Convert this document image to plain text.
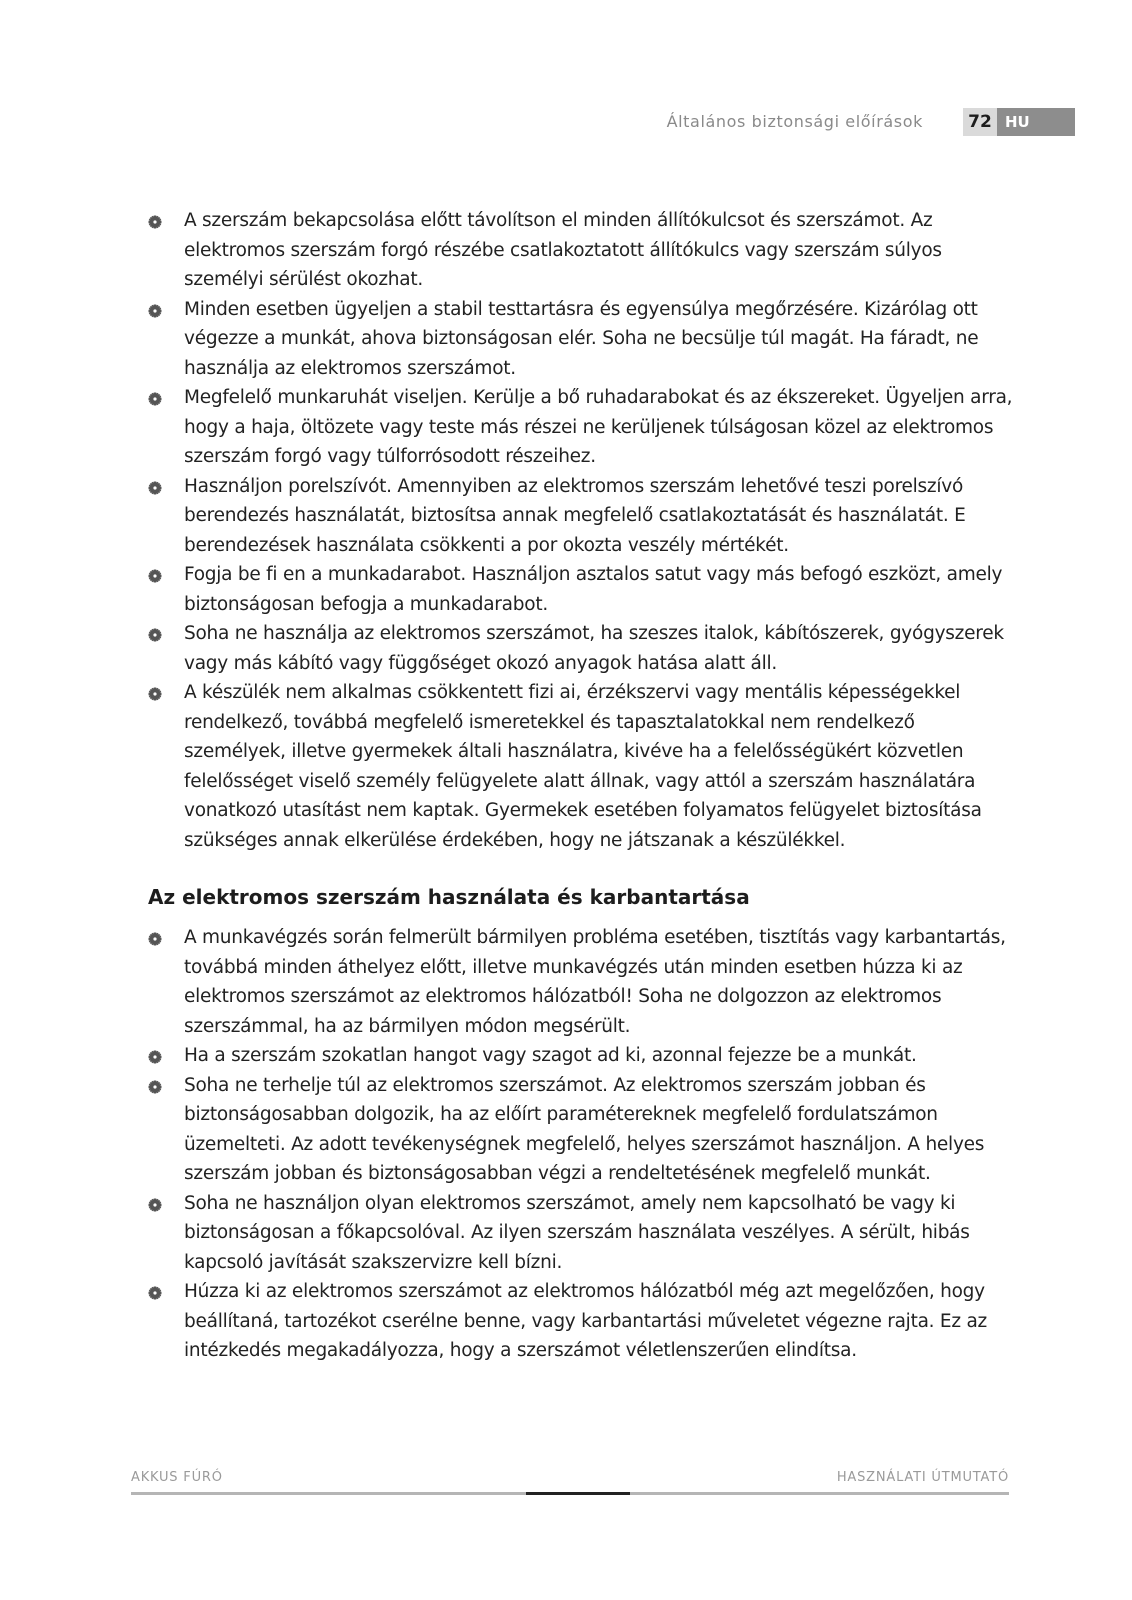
Általános biztonsági előírások	72 HU
A szerszám bekapcsolása előtt távolítson el minden állítókulcsot és szerszámot. Az elektromos szerszám forgó részébe csatlakoztatott állítókulcs vagy szerszám súlyos személyi sérülést okozhat.
Minden esetben ügyeljen a stabil testtartásra és egyensúlya megőrzésére. Kizárólag ott végezze a munkát, ahova biztonságosan elér. Soha ne becsülje túl magát. Ha fáradt, ne használja az elektromos szerszámot.
Megfelelő munkaruhát viseljen. Kerülje a bő ruhadarabokat és az ékszereket. Ügyeljen arra, hogy a haja, öltözete vagy teste más részei ne kerüljenek túlságosan közel az elektromos szerszám forgó vagy túlforrósodott részeihez.
Használjon porelszívót. Amennyiben az elektromos szerszám lehetővé teszi porelszívó berendezés használatát, biztosítsa annak megfelelő csatlakoztatását és használatát. E berendezések használata csökkenti a por okozta veszély mértékét.
Fogja be fi en a munkadarabot. Használjon asztalos satut vagy más befogó eszközt, amely biztonságosan befogja a munkadarabot.
Soha ne használja az elektromos szerszámot, ha szeszes italok, kábítószerek, gyógyszerek vagy más kábító vagy függőséget okozó anyagok hatása alatt áll.
A készülék nem alkalmas csökkentett fizi ai, érzékszervi vagy mentális képességekkel rendelkező, továbbá megfelelő ismeretekkel és tapasztalatokkal nem rendelkező személyek, illetve gyermekek általi használatra, kivéve ha a felelősségükért közvetlen felelősséget viselő személy felügyelete alatt állnak, vagy attól a szerszám használatára vonatkozó utasítást nem kaptak. Gyermekek esetében folyamatos felügyelet biztosítása szükséges annak elkerülése érdekében, hogy ne játszanak a készülékkel.
Az elektromos szerszám használata és karbantartása
A munkavégzés során felmerült bármilyen probléma esetében, tisztítás vagy karbantartás, továbbá minden áthelyez előtt, illetve munkavégzés után minden esetben húzza ki az elektromos szerszámot az elektromos hálózatból! Soha ne dolgozzon az elektromos szerszámmal, ha az bármilyen módon megsérült.
Ha a szerszám szokatlan hangot vagy szagot ad ki, azonnal fejezze be a munkát.
Soha ne terhelje túl az elektromos szerszámot. Az elektromos szerszám jobban és biztonságosabban dolgozik, ha az előírt paramétereknek megfelelő fordulatszámon üzemelteti. Az adott tevékenységnek megfelelő, helyes szerszámot használjon. A helyes szerszám jobban és biztonságosabban végzi a rendeltetésének megfelelő munkát.
Soha ne használjon olyan elektromos szerszámot, amely nem kapcsolható be vagy ki biztonságosan a főkapcsolóval. Az ilyen szerszám használata veszélyes. A sérült, hibás kapcsoló javítását szakszervizre kell bízni.
Húzza ki az elektromos szerszámot az elektromos hálózatból még azt megelőzően, hogy beállítaná, tartozékot cserélne benne, vagy karbantartási műveletet végezne rajta. Ez az intézkedés megakadályozza, hogy a szerszámot véletlenszerűen elindítsa.
AKKUS FÚRÓ	HASZNÁLATI ÚTMUTATÓ
